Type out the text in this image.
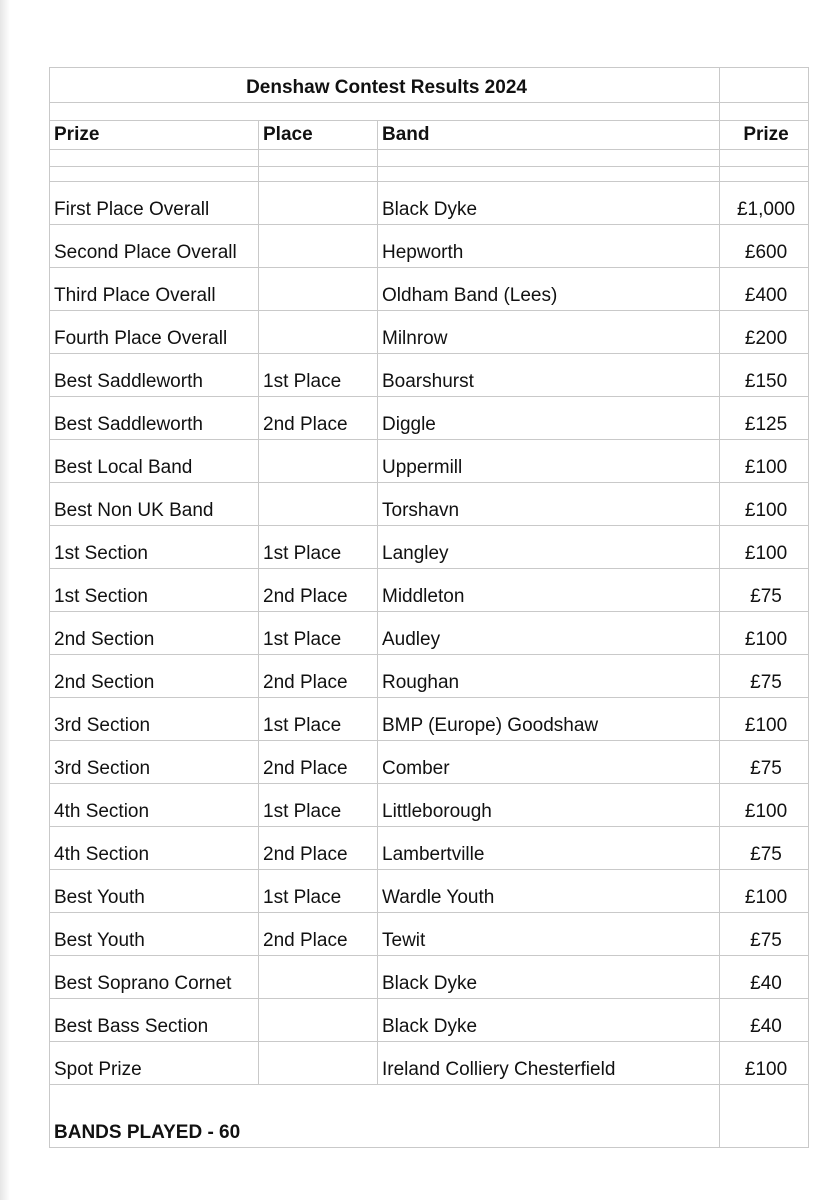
Denshaw Contest Results 2024			

Prize	Place	Band	Prize

First Place Overall		Black Dyke	£1,000
Second Place Overall		Hepworth	£600
Third Place Overall		Oldham Band (Lees)	£400
Fourth Place Overall		Milnrow	£200
Best Saddleworth	1st Place	Boarshurst	£150
Best Saddleworth	2nd Place	Diggle	£125
Best Local Band		Uppermill	£100
Best Non UK Band		Torshavn	£100
1st Section	1st Place	Langley	£100
1st Section	2nd Place	Middleton	£75
2nd Section	1st Place	Audley	£100
2nd Section	2nd Place	Roughan	£75
3rd Section	1st Place	BMP (Europe) Goodshaw	£100
3rd Section	2nd Place	Comber	£75
4th Section	1st Place	Littleborough	£100
4th Section	2nd Place	Lambertville	£75
Best Youth	1st Place	Wardle Youth	£100
Best Youth	2nd Place	Tewit	£75
Best Soprano Cornet		Black Dyke	£40
Best Bass Section		Black Dyke	£40
Spot Prize		Ireland Colliery Chesterfield	£100
BANDS PLAYED - 60			
